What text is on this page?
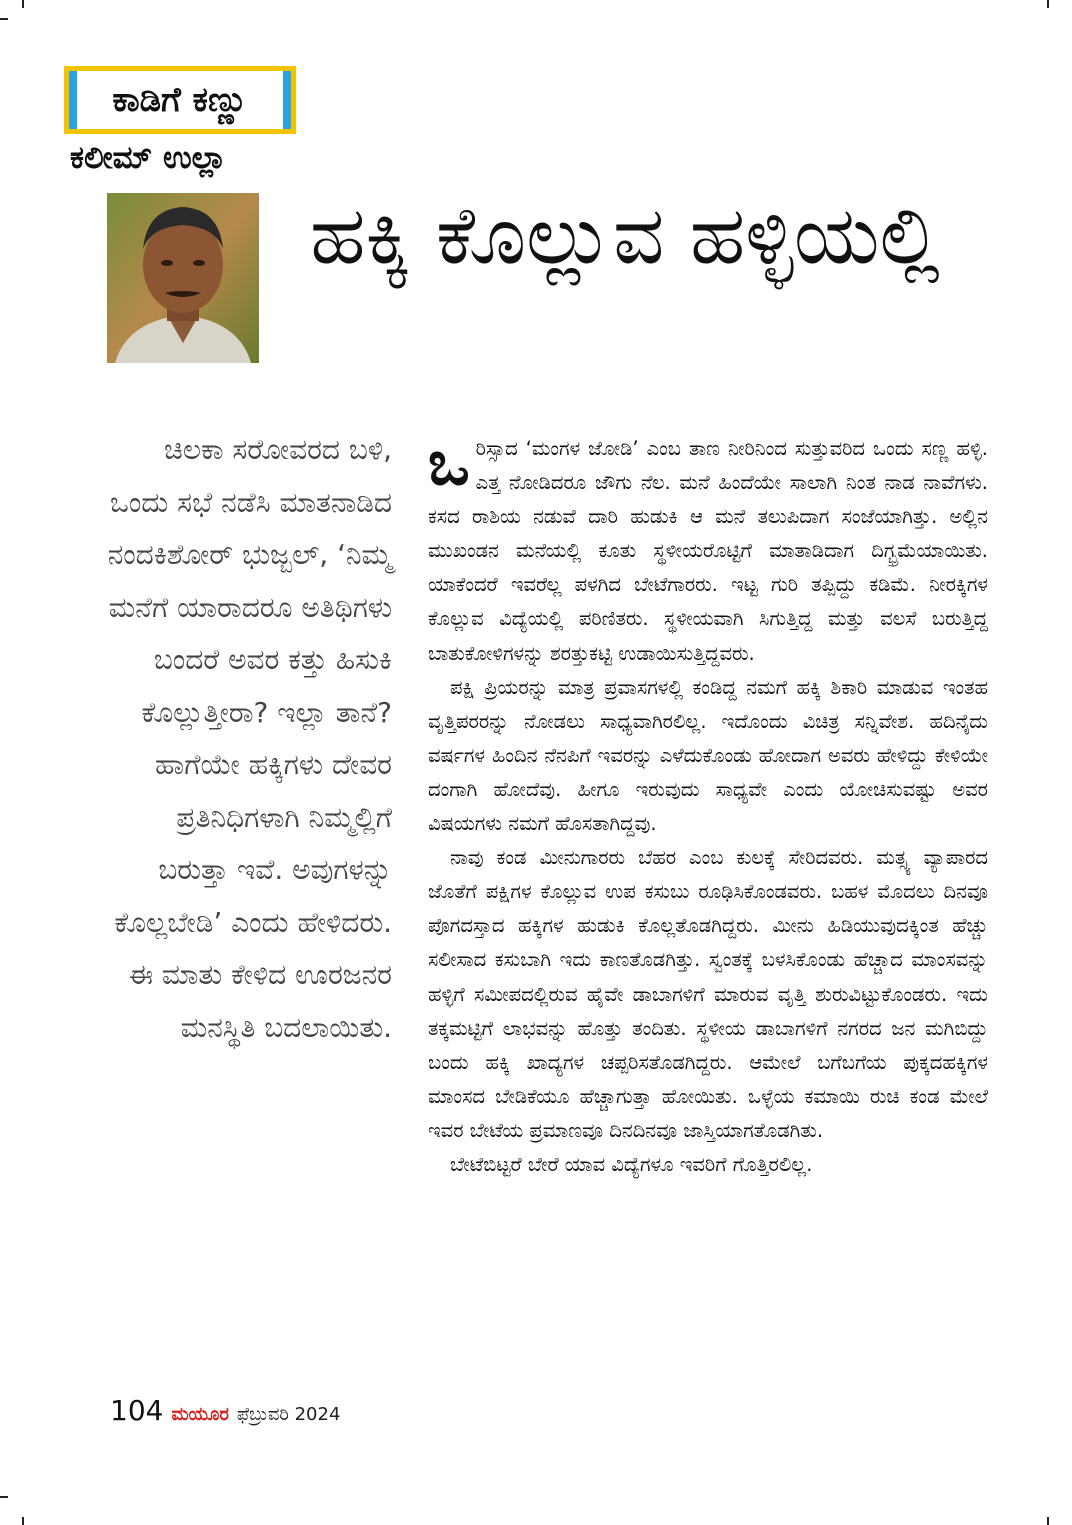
ಕಾಡಿಗೆ ಕಣ್ಣು
ಕಲೀಮ್ ಉಲ್ಲಾ
ಹಕ್ಕಿ ಕೊಲ್ಲುವ ಹಳ್ಳಿಯಲ್ಲಿ

ಚಿಲಕಾ ಸರೋವರದ ಬಳಿ, ಒಂದು ಸಭೆ ನಡೆಸಿ ಮಾತನಾಡಿದ ನಂದಕಿಶೋರ್ ಭುಜ್ಬಲ್, ‘ನಿಮ್ಮ ಮನೆಗೆ ಯಾರಾದರೂ ಅತಿಥಿಗಳು ಬಂದರೆ ಅವರ ಕತ್ತು ಹಿಸುಕಿ ಕೊಲ್ಲುತ್ತೀರಾ? ಇಲ್ಲಾ ತಾನೆ? ಹಾಗೆಯೇ ಹಕ್ಕಿಗಳು ದೇವರ ಪ್ರತಿನಿಧಿಗಳಾಗಿ ನಿಮ್ಮಲ್ಲಿಗೆ ಬರುತ್ತಾ ಇವೆ. ಅವುಗಳನ್ನು ಕೊಲ್ಲಬೇಡಿ’ ಎಂದು ಹೇಳಿದರು. ಈ ಮಾತು ಕೇಳಿದ ಊರಜನರ ಮನಸ್ಥಿತಿ ಬದಲಾಯಿತು.

ಒರಿಸ್ಸಾದ ‘ಮಂಗಳ ಜೋಡಿ’ ಎಂಬ ತಾಣ ನೀರಿನಿಂದ ಸುತ್ತುವರಿದ ಒಂದು ಸಣ್ಣ ಹಳ್ಳಿ. ಎತ್ತ ನೋಡಿದರೂ ಜೌಗು ನೆಲ. ಮನೆ ಹಿಂದೆಯೇ ಸಾಲಾಗಿ ನಿಂತ ನಾಡ ನಾವೆಗಳು. ಕಸದ ರಾಶಿಯ ನಡುವೆ ದಾರಿ ಹುಡುಕಿ ಆ ಮನೆ ತಲುಪಿದಾಗ ಸಂಜೆಯಾಗಿತ್ತು. ಅಲ್ಲಿನ ಮುಖಂಡನ ಮನೆಯಲ್ಲಿ ಕೂತು ಸ್ಥಳೀಯರೊಟ್ಟಿಗೆ ಮಾತಾಡಿದಾಗ ದಿಗ್ಭ್ರಮೆಯಾಯಿತು. ಯಾಕೆಂದರೆ ಇವರೆಲ್ಲ ಪಳಗಿದ ಬೇಟೆಗಾರರು. ಇಟ್ಟ ಗುರಿ ತಪ್ಪಿದ್ದು ಕಡಿಮೆ. ನೀರಕ್ಕಿಗಳ ಕೊಲ್ಲುವ ವಿದ್ಯೆಯಲ್ಲಿ ಪರಿಣಿತರು. ಸ್ಥಳೀಯವಾಗಿ ಸಿಗುತ್ತಿದ್ದ ಮತ್ತು ವಲಸೆ ಬರುತ್ತಿದ್ದ ಬಾತುಕೋಳಿಗಳನ್ನು ಶರತ್ತುಕಟ್ಟಿ ಉಡಾಯಿಸುತ್ತಿದ್ದವರು.

ಪಕ್ಷಿ ಪ್ರಿಯರನ್ನು ಮಾತ್ರ ಪ್ರವಾಸಗಳಲ್ಲಿ ಕಂಡಿದ್ದ ನಮಗೆ ಹಕ್ಕಿ ಶಿಕಾರಿ ಮಾಡುವ ಇಂತಹ ವೃತ್ತಿಪರರನ್ನು ನೋಡಲು ಸಾಧ್ಯವಾಗಿರಲಿಲ್ಲ. ಇದೊಂದು ವಿಚಿತ್ರ ಸನ್ನಿವೇಶ. ಹದಿನೈದು ವರ್ಷಗಳ ಹಿಂದಿನ ನೆನಪಿಗೆ ಇವರನ್ನು ಎಳೆದುಕೊಂಡು ಹೋದಾಗ ಅವರು ಹೇಳಿದ್ದು ಕೇಳಿಯೇ ದಂಗಾಗಿ ಹೋದೆವು. ಹೀಗೂ ಇರುವುದು ಸಾಧ್ಯವೇ ಎಂದು ಯೋಚಿಸುವಷ್ಟು ಅವರ ವಿಷಯಗಳು ನಮಗೆ ಹೊಸತಾಗಿದ್ದವು.

ನಾವು ಕಂಡ ಮೀನುಗಾರರು ಬೆಹರ ಎಂಬ ಕುಲಕ್ಕೆ ಸೇರಿದವರು. ಮತ್ಸ್ಯ ವ್ಯಾಪಾರದ ಜೊತೆಗೆ ಪಕ್ಷಿಗಳ ಕೊಲ್ಲುವ ಉಪ ಕಸುಬು ರೂಢಿಸಿಕೊಂಡವರು. ಬಹಳ ಮೊದಲು ದಿನವೂ ಪೊಗದಸ್ತಾದ ಹಕ್ಕಿಗಳ ಹುಡುಕಿ ಕೊಲ್ಲತೊಡಗಿದ್ದರು. ಮೀನು ಹಿಡಿಯುವುದಕ್ಕಿಂತ ಹೆಚ್ಚು ಸಲೀಸಾದ ಕಸುಬಾಗಿ ಇದು ಕಾಣತೊಡಗಿತ್ತು. ಸ್ವಂತಕ್ಕೆ ಬಳಸಿಕೊಂಡು ಹೆಚ್ಚಾದ ಮಾಂಸವನ್ನು ಹಳ್ಳಿಗೆ ಸಮೀಪದಲ್ಲಿರುವ ಹೈವೇ ಡಾಬಾಗಳಿಗೆ ಮಾರುವ ವೃತ್ತಿ ಶುರುವಿಟ್ಟುಕೊಂಡರು. ಇದು ತಕ್ಕಮಟ್ಟಿಗೆ ಲಾಭವನ್ನು ಹೊತ್ತು ತಂದಿತು. ಸ್ಥಳೀಯ ಡಾಬಾಗಳಿಗೆ ನಗರದ ಜನ ಮಗಿಬಿದ್ದು ಬಂದು ಹಕ್ಕಿ ಖಾದ್ಯಗಳ ಚಪ್ಪರಿಸತೊಡಗಿದ್ದರು. ಆಮೇಲೆ ಬಗೆಬಗೆಯ ಪುಕ್ಕದಹಕ್ಕಿಗಳ ಮಾಂಸದ ಬೇಡಿಕೆಯೂ ಹೆಚ್ಚಾಗುತ್ತಾ ಹೋಯಿತು. ಒಳ್ಳೆಯ ಕಮಾಯಿ ರುಚಿ ಕಂಡ ಮೇಲೆ ಇವರ ಬೇಟೆಯ ಪ್ರಮಾಣವೂ ದಿನದಿನವೂ ಜಾಸ್ತಿಯಾಗತೊಡಗಿತು.

ಬೇಟೆಬಿಟ್ಟರೆ ಬೇರೆ ಯಾವ ವಿದ್ಯೆಗಳೂ ಇವರಿಗೆ ಗೊತ್ತಿರಲಿಲ್ಲ.

104 ಮಯೂರ ಫೆಬ್ರುವರಿ 2024
